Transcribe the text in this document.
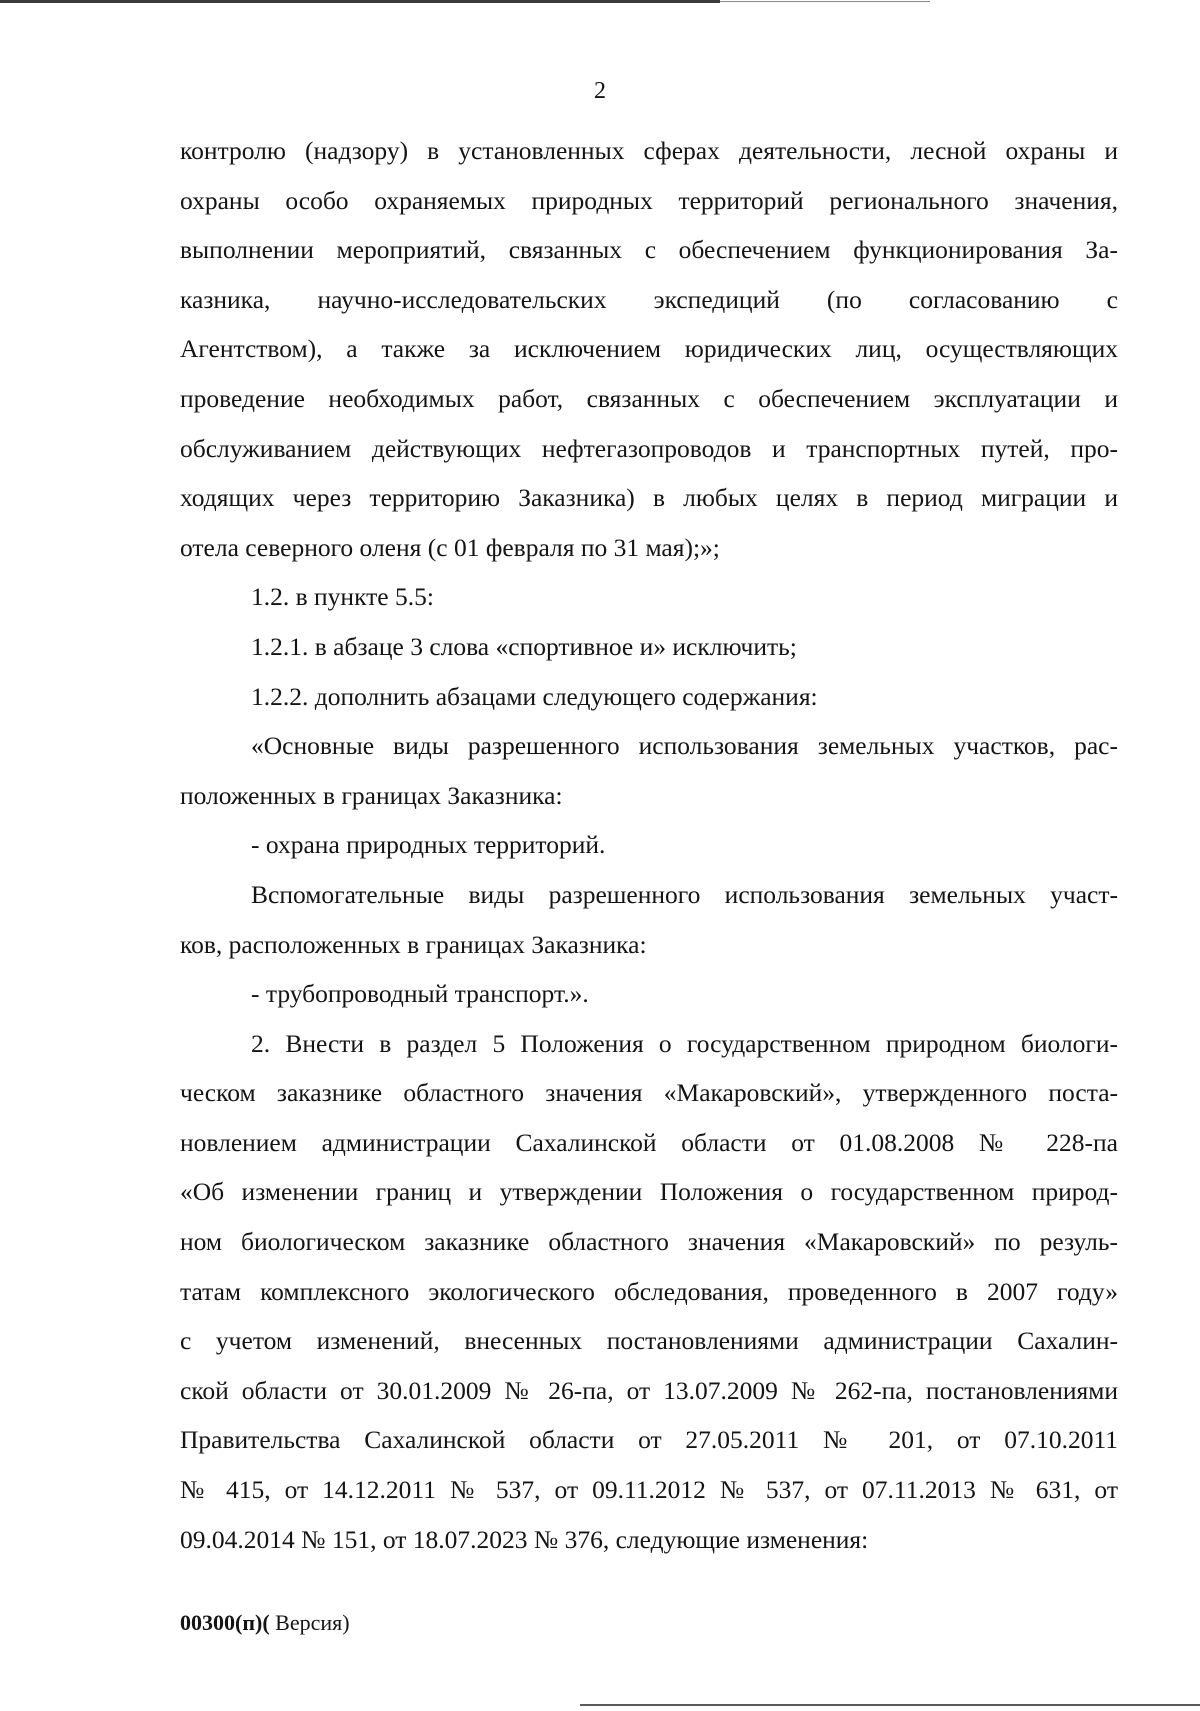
2
контролю (надзору) в установленных сферах деятельности, лесной охраны и
охраны особо охраняемых природных территорий регионального значения,
выполнении мероприятий, связанных с обеспечением функционирования За-
казника, научно-исследовательских экспедиций (по согласованию с
Агентством), а также за исключением юридических лиц, осуществляющих
проведение необходимых работ, связанных с обеспечением эксплуатации и
обслуживанием действующих нефтегазопроводов и транспортных путей, про-
ходящих через территорию Заказника) в любых целях в период миграции и
отела северного оленя (с 01 февраля по 31 мая);»;
1.2. в пункте 5.5:
1.2.1. в абзаце 3 слова «спортивное и» исключить;
1.2.2. дополнить абзацами следующего содержания:
«Основные виды разрешенного использования земельных участков, рас-
положенных в границах Заказника:
- охрана природных территорий.
Вспомогательные виды разрешенного использования земельных участ-
ков, расположенных в границах Заказника:
- трубопроводный транспорт.».
2. Внести в раздел 5 Положения о государственном природном биологи-
ческом заказнике областного значения «Макаровский», утвержденного поста-
новлением администрации Сахалинской области от 01.08.2008 № 228-па
«Об изменении границ и утверждении Положения о государственном природ-
ном биологическом заказнике областного значения «Макаровский» по резуль-
татам комплексного экологического обследования, проведенного в 2007 году»
с учетом изменений, внесенных постановлениями администрации Сахалин-
ской области от 30.01.2009 № 26-па, от 13.07.2009 № 262-па, постановлениями
Правительства Сахалинской области от 27.05.2011 № 201, от 07.10.2011
№ 415, от 14.12.2011 № 537, от 09.11.2012 № 537, от 07.11.2013 № 631, от
09.04.2014 № 151, от 18.07.2023 № 376, следующие изменения:
00300(п)( Версия)
